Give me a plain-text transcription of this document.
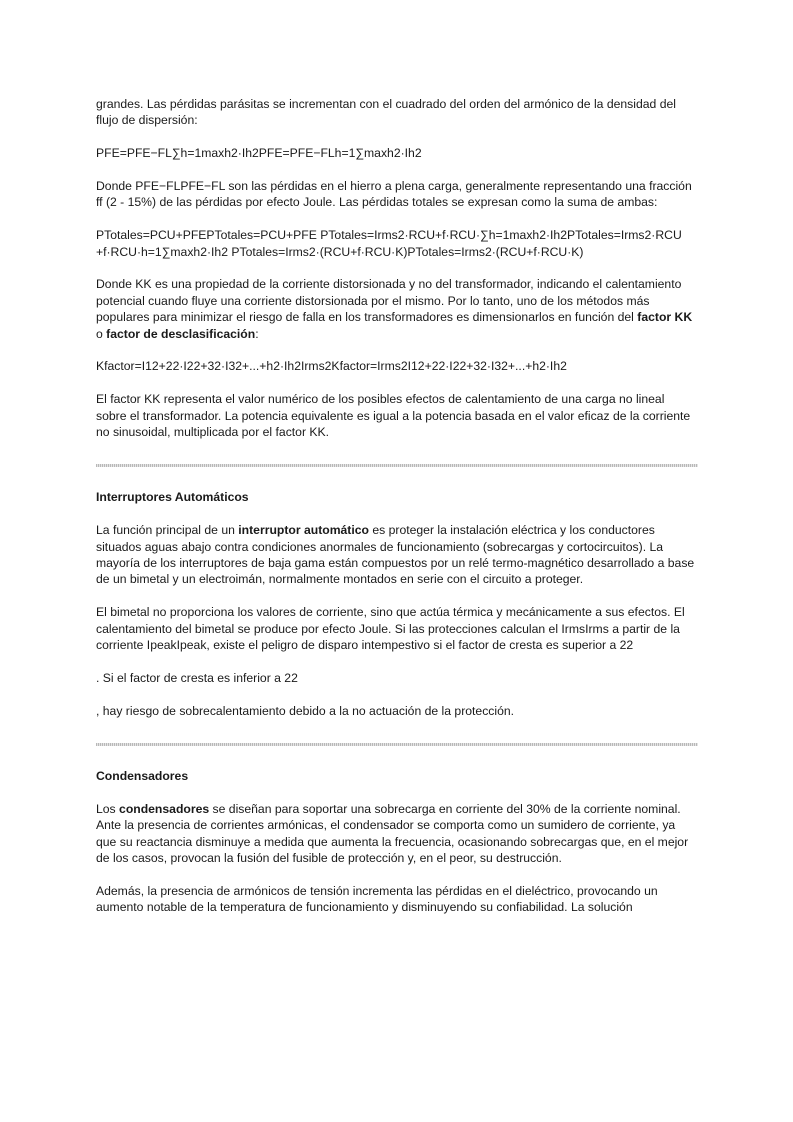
grandes. Las pérdidas parásitas se incrementan con el cuadrado del orden del armónico de la densidad del flujo de dispersión:

PFE=PFE−FL∑h=1maxh2·Ih2PFE=PFE−FLh=1∑maxh2·Ih2

Donde PFE−FLPFE−FL son las pérdidas en el hierro a plena carga, generalmente representando una fracción ff (2 - 15%) de las pérdidas por efecto Joule. Las pérdidas totales se expresan como la suma de ambas:

PTotales=PCU+PFEPTotales=PCU+PFE PTotales=Irms2·RCU+f·RCU·∑h=1maxh2·Ih2PTotales=Irms2·RCU +f·RCU·h=1∑maxh2·Ih2 PTotales=Irms2·(RCU+f·RCU·K)PTotales=Irms2·(RCU+f·RCU·K)

Donde KK es una propiedad de la corriente distorsionada y no del transformador, indicando el calentamiento potencial cuando fluye una corriente distorsionada por el mismo. Por lo tanto, uno de los métodos más populares para minimizar el riesgo de falla en los transformadores es dimensionarlos en función del factor KK o factor de desclasificación:

Kfactor=I12+22·I22+32·I32+...+h2·Ih2Irms2Kfactor=Irms2I12+22·I22+32·I32+...+h2·Ih2

El factor KK representa el valor numérico de los posibles efectos de calentamiento de una carga no lineal sobre el transformador. La potencia equivalente es igual a la potencia basada en el valor eficaz de la corriente no sinusoidal, multiplicada por el factor KK.

Interruptores Automáticos

La función principal de un interruptor automático es proteger la instalación eléctrica y los conductores situados aguas abajo contra condiciones anormales de funcionamiento (sobrecargas y cortocircuitos). La mayoría de los interruptores de baja gama están compuestos por un relé termo-magnético desarrollado a base de un bimetal y un electroimán, normalmente montados en serie con el circuito a proteger.

El bimetal no proporciona los valores de corriente, sino que actúa térmica y mecánicamente a sus efectos. El calentamiento del bimetal se produce por efecto Joule. Si las protecciones calculan el IrmsIrms a partir de la corriente IpeakIpeak, existe el peligro de disparo intempestivo si el factor de cresta es superior a 22

. Si el factor de cresta es inferior a 22

, hay riesgo de sobrecalentamiento debido a la no actuación de la protección.

Condensadores

Los condensadores se diseñan para soportar una sobrecarga en corriente del 30% de la corriente nominal. Ante la presencia de corrientes armónicas, el condensador se comporta como un sumidero de corriente, ya que su reactancia disminuye a medida que aumenta la frecuencia, ocasionando sobrecargas que, en el mejor de los casos, provocan la fusión del fusible de protección y, en el peor, su destrucción.

Además, la presencia de armónicos de tensión incrementa las pérdidas en el dieléctrico, provocando un aumento notable de la temperatura de funcionamiento y disminuyendo su confiabilidad. La solución
